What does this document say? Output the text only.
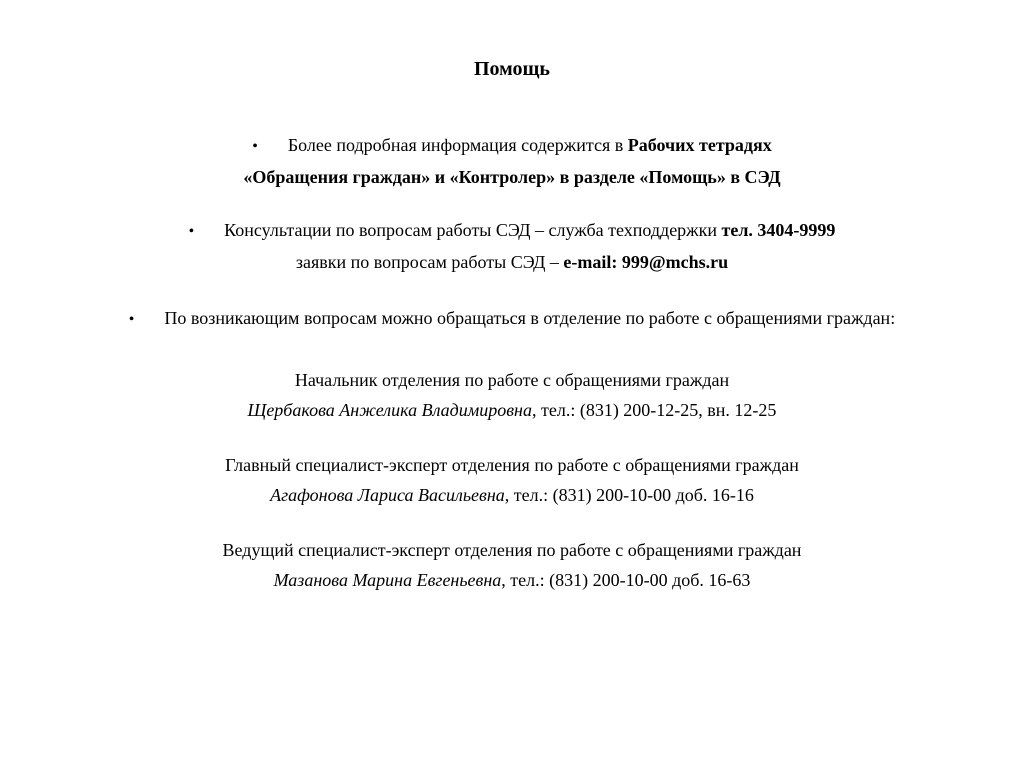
Помощь
• Более подробная информация содержится в Рабочих тетрадях
«Обращения граждан» и «Контролер» в разделе «Помощь» в СЭД
• Консультации по вопросам работы СЭД – служба техподдержки тел. 3404-9999
заявки по вопросам работы СЭД – e-mail: 999@mchs.ru
• По возникающим вопросам можно обращаться в отделение по работе с обращениями граждан:
Начальник отделения по работе с обращениями граждан
Щербакова Анжелика Владимировна, тел.: (831) 200-12-25, вн. 12-25
Главный специалист-эксперт отделения по работе с обращениями граждан
Агафонова Лариса Васильевна, тел.: (831) 200-10-00 доб. 16-16
Ведущий специалист-эксперт отделения по работе с обращениями граждан
Мазанова Марина Евгеньевна, тел.: (831) 200-10-00 доб. 16-63
